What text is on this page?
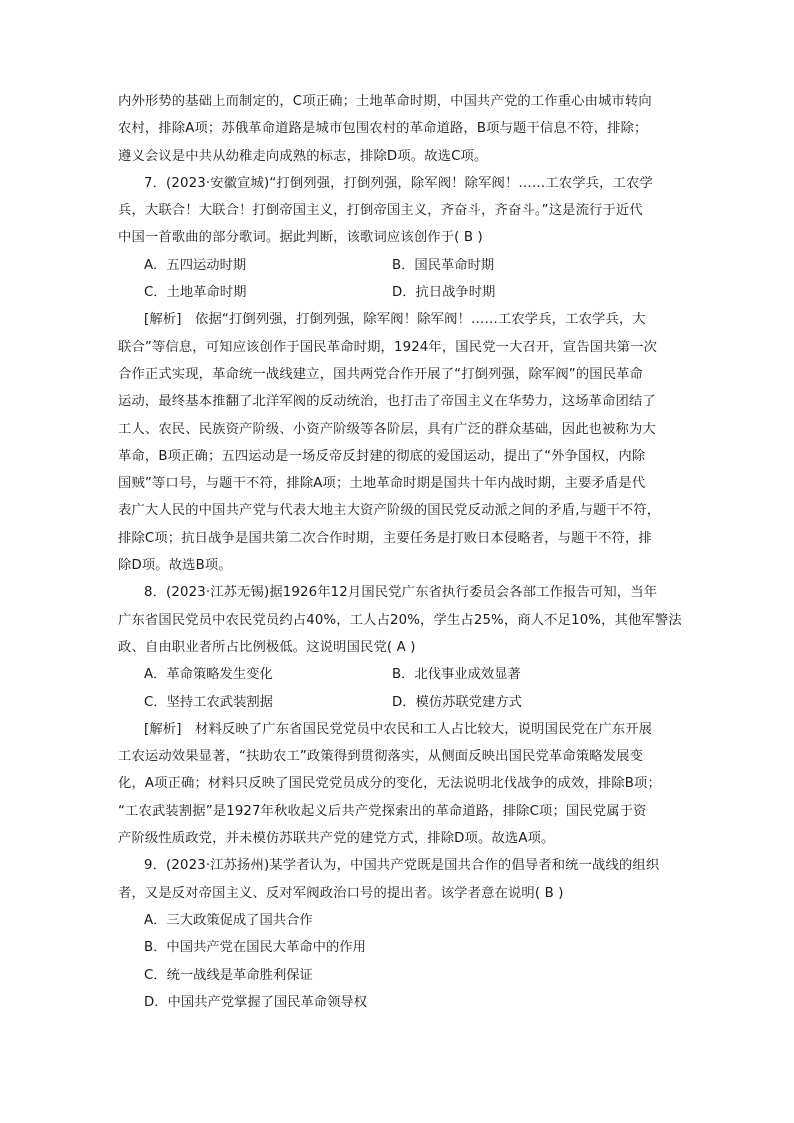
内外形势的基础上而制定的，C项正确；土地革命时期，中国共产党的工作重心由城市转向
农村，排除A项；苏俄革命道路是城市包围农村的革命道路，B项与题干信息不符，排除；
遵义会议是中共从幼稚走向成熟的标志，排除D项。故选C项。
7．(2023·安徽宣城)“打倒列强，打倒列强，除军阀！除军阀！……工农学兵，工农学
兵，大联合！大联合！打倒帝国主义，打倒帝国主义，齐奋斗，齐奋斗。”这是流行于近代
中国一首歌曲的部分歌词。据此判断，该歌词应该创作于( B )
A．五四运动时期	B．国民革命时期
C．土地革命时期	D．抗日战争时期
[解析]　依据“打倒列强，打倒列强，除军阀！除军阀！……工农学兵，工农学兵，大
联合”等信息，可知应该创作于国民革命时期，1924年，国民党一大召开，宣告国共第一次
合作正式实现，革命统一战线建立，国共两党合作开展了“打倒列强，除军阀”的国民革命
运动，最终基本推翻了北洋军阀的反动统治，也打击了帝国主义在华势力，这场革命团结了
工人、农民、民族资产阶级、小资产阶级等各阶层，具有广泛的群众基础，因此也被称为大
革命，B项正确；五四运动是一场反帝反封建的彻底的爱国运动，提出了“外争国权，内除
国贼”等口号，与题干不符，排除A项；土地革命时期是国共十年内战时期，主要矛盾是代
表广大人民的中国共产党与代表大地主大资产阶级的国民党反动派之间的矛盾,与题干不符，
排除C项；抗日战争是国共第二次合作时期，主要任务是打败日本侵略者，与题干不符，排
除D项。故选B项。
8．(2023·江苏无锡)据1926年12月国民党广东省执行委员会各部工作报告可知，当年
广东省国民党员中农民党员约占40%，工人占20%，学生占25%，商人不足10%，其他军警法
政、自由职业者所占比例极低。这说明国民党( A )
A．革命策略发生变化	B．北伐事业成效显著
C．坚持工农武装割据	D．模仿苏联党建方式
[解析]　材料反映了广东省国民党党员中农民和工人占比较大，说明国民党在广东开展
工农运动效果显著，“扶助农工”政策得到贯彻落实，从侧面反映出国民党革命策略发展变
化，A项正确；材料只反映了国民党党员成分的变化，无法说明北伐战争的成效，排除B项；
“工农武装割据”是1927年秋收起义后共产党探索出的革命道路，排除C项；国民党属于资
产阶级性质政党，并未模仿苏联共产党的建党方式，排除D项。故选A项。
9．(2023·江苏扬州)某学者认为，中国共产党既是国共合作的倡导者和统一战线的组织
者，又是反对帝国主义、反对军阀政治口号的提出者。该学者意在说明( B )
A．三大政策促成了国共合作
B．中国共产党在国民大革命中的作用
C．统一战线是革命胜利保证
D．中国共产党掌握了国民革命领导权
